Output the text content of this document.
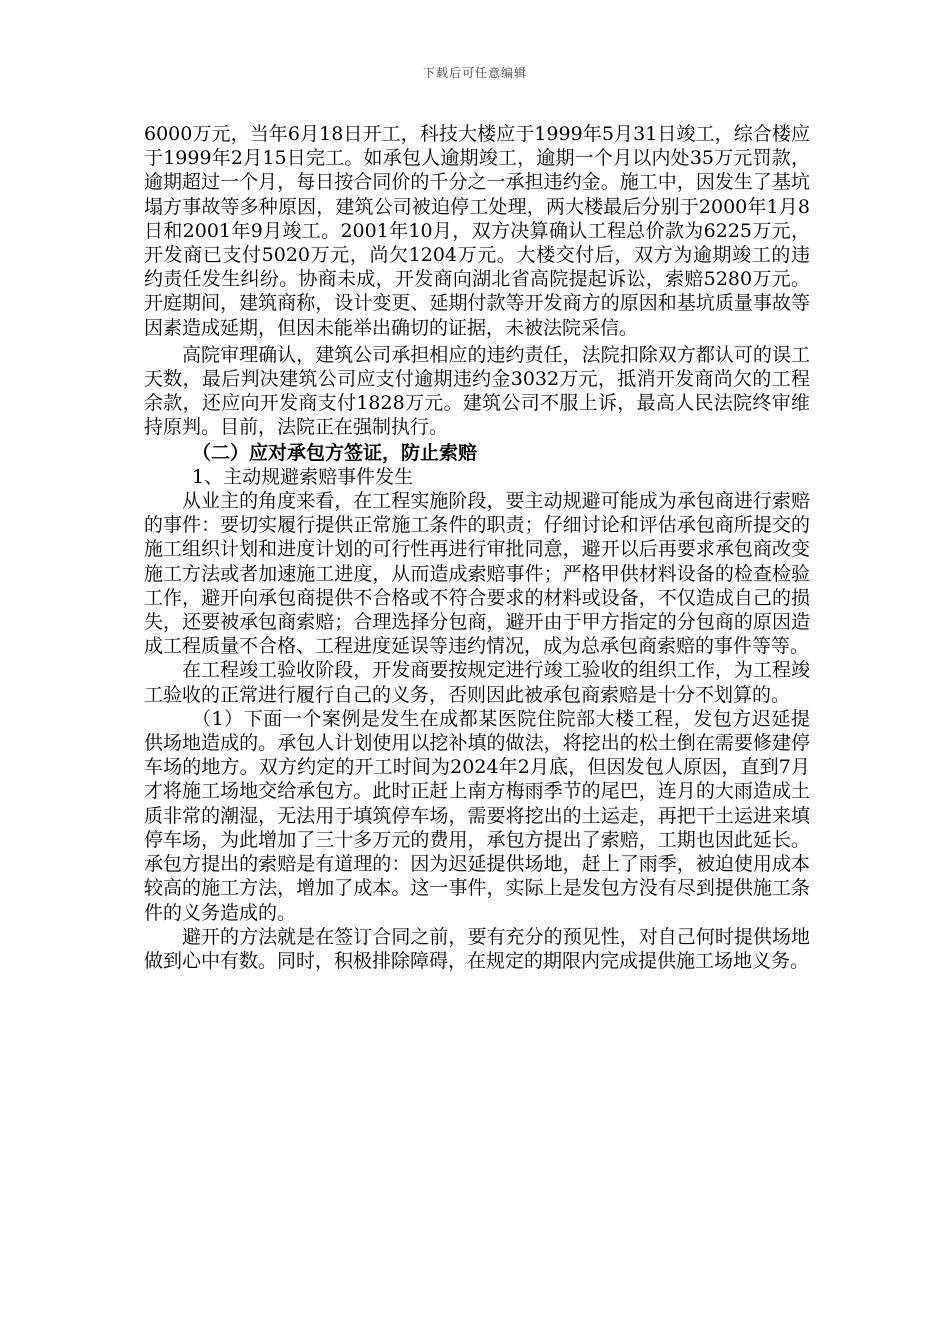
下载后可任意编辑

6000万元，当年6月18日开工，科技大楼应于1999年5月31日竣工，综合楼应于1999年2月15日完工。如承包人逾期竣工，逾期一个月以内处35万元罚款，逾期超过一个月，每日按合同价的千分之一承担违约金。施工中，因发生了基坑塌方事故等多种原因，建筑公司被迫停工处理，两大楼最后分别于2000年1月8日和2001年9月竣工。2001年10月，双方决算确认工程总价款为6225万元，开发商已支付5020万元，尚欠1204万元。大楼交付后，双方为逾期竣工的违约责任发生纠纷。协商未成，开发商向湖北省高院提起诉讼，索赔5280万元。开庭期间，建筑商称，设计变更、延期付款等开发商方的原因和基坑质量事故等因素造成延期，但因未能举出确切的证据，未被法院采信。

高院审理确认，建筑公司承担相应的违约责任，法院扣除双方都认可的误工天数，最后判决建筑公司应支付逾期违约金3032万元，抵消开发商尚欠的工程余款，还应向开发商支付1828万元。建筑公司不服上诉，最高人民法院终审维持原判。目前，法院正在强制执行。

（二）应对承包方签证，防止索赔

1、主动规避索赔事件发生

从业主的角度来看，在工程实施阶段，要主动规避可能成为承包商进行索赔的事件：要切实履行提供正常施工条件的职责；仔细讨论和评估承包商所提交的施工组织计划和进度计划的可行性再进行审批同意，避开以后再要求承包商改变施工方法或者加速施工进度，从而造成索赔事件；严格甲供材料设备的检查检验工作，避开向承包商提供不合格或不符合要求的材料或设备，不仅造成自己的损失，还要被承包商索赔；合理选择分包商，避开由于甲方指定的分包商的原因造成工程质量不合格、工程进度延误等违约情况，成为总承包商索赔的事件等等。

在工程竣工验收阶段，开发商要按规定进行竣工验收的组织工作，为工程竣工验收的正常进行履行自己的义务，否则因此被承包商索赔是十分不划算的。

（1）下面一个案例是发生在成都某医院住院部大楼工程，发包方迟延提供场地造成的。承包人计划使用以挖补填的做法，将挖出的松土倒在需要修建停车场的地方。双方约定的开工时间为2024年2月底，但因发包人原因，直到7月才将施工场地交给承包方。此时正赶上南方梅雨季节的尾巴，连月的大雨造成土质非常的潮湿，无法用于填筑停车场，需要将挖出的土运走，再把干土运进来填停车场，为此增加了三十多万元的费用，承包方提出了索赔，工期也因此延长。承包方提出的索赔是有道理的：因为迟延提供场地，赶上了雨季，被迫使用成本较高的施工方法，增加了成本。这一事件，实际上是发包方没有尽到提供施工条件的义务造成的。

避开的方法就是在签订合同之前，要有充分的预见性，对自己何时提供场地做到心中有数。同时，积极排除障碍，在规定的期限内完成提供施工场地义务。
